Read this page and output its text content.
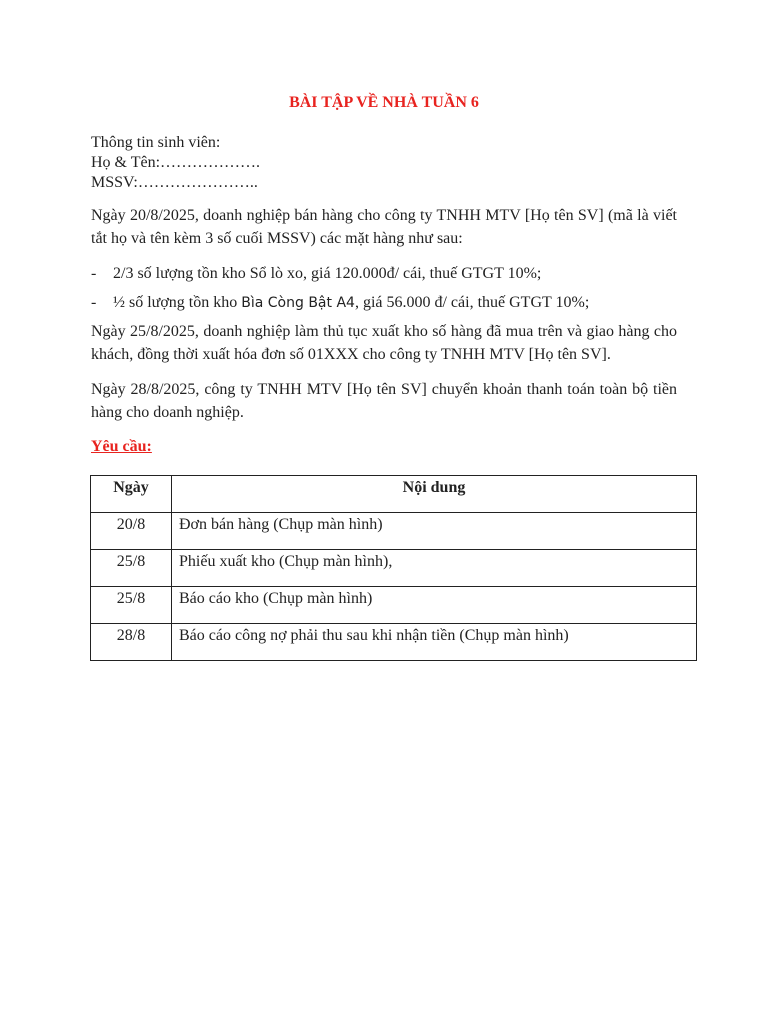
BÀI TẬP VỀ NHÀ TUẦN 6
Thông tin sinh viên:
Họ & Tên:……………….
MSSV:…………………..
Ngày 20/8/2025, doanh nghiệp bán hàng cho công ty TNHH MTV [Họ tên SV] (mã là viết tắt họ và tên kèm 3 số cuối MSSV) các mặt hàng như sau:
- 2/3 số lượng tồn kho Sổ lò xo, giá 120.000đ/ cái, thuế GTGT 10%;
- ½ số lượng tồn kho Bìa Còng Bật A4, giá 56.000 đ/ cái, thuế GTGT 10%;
Ngày 25/8/2025, doanh nghiệp làm thủ tục xuất kho số hàng đã mua trên và giao hàng cho khách, đồng thời xuất hóa đơn số 01XXX cho công ty TNHH MTV [Họ tên SV].
Ngày 28/8/2025, công ty TNHH MTV [Họ tên SV] chuyển khoản thanh toán toàn bộ tiền hàng cho doanh nghiệp.
Yêu cầu:
Ngày	Nội dung
20/8	Đơn bán hàng (Chụp màn hình)
25/8	Phiếu xuất kho (Chụp màn hình),
25/8	Báo cáo kho (Chụp màn hình)
28/8	Báo cáo công nợ phải thu sau khi nhận tiền (Chụp màn hình)
